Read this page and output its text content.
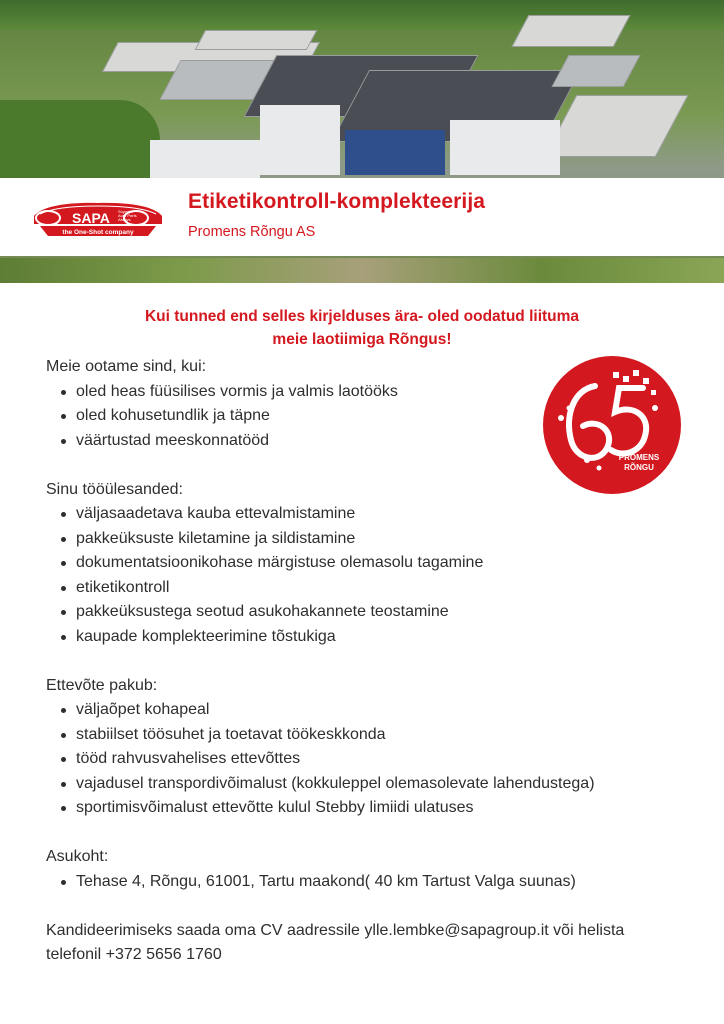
SAPA Superior
Auto Parts
Always
the One-Shot company
Etiketikontroll-komplekteerija
Promens Rõngu AS
Kui tunned end selles kirjelduses ära- oled oodatud liituma
meie laotiimiga Rõngus!
PROMENS
RÕNGU

Meie ootame sind, kui:

oled heas füüsilises vormis ja valmis laotööks
oled kohusetundlik ja täpne
väärtustad meeskonnatööd

Sinu tööülesanded:

väljasaadetava kauba ettevalmistamine
pakkeüksuste kiletamine ja sildistamine
dokumentatsioonikohase märgistuse olemasolu tagamine
etiketikontroll
pakkeüksustega seotud asukohakannete teostamine
kaupade komplekteerimine tõstukiga

Ettevõte pakub:

väljaõpet kohapeal
stabiilset töösuhet ja toetavat töökeskkonda
tööd rahvusvahelises ettevõttes
vajadusel transpordivõimalust (kokkuleppel olemasolevate lahendustega)
sportimisvõimalust ettevõtte kulul Stebby limiidi ulatuses

Asukoht:

Tehase 4, Rõngu, 61001, Tartu maakond( 40 km Tartust Valga suunas)
Kandideerimiseks saada oma CV aadressile ylle.lembke@sapagroup.it või helista
telefonil +372 5656 1760
